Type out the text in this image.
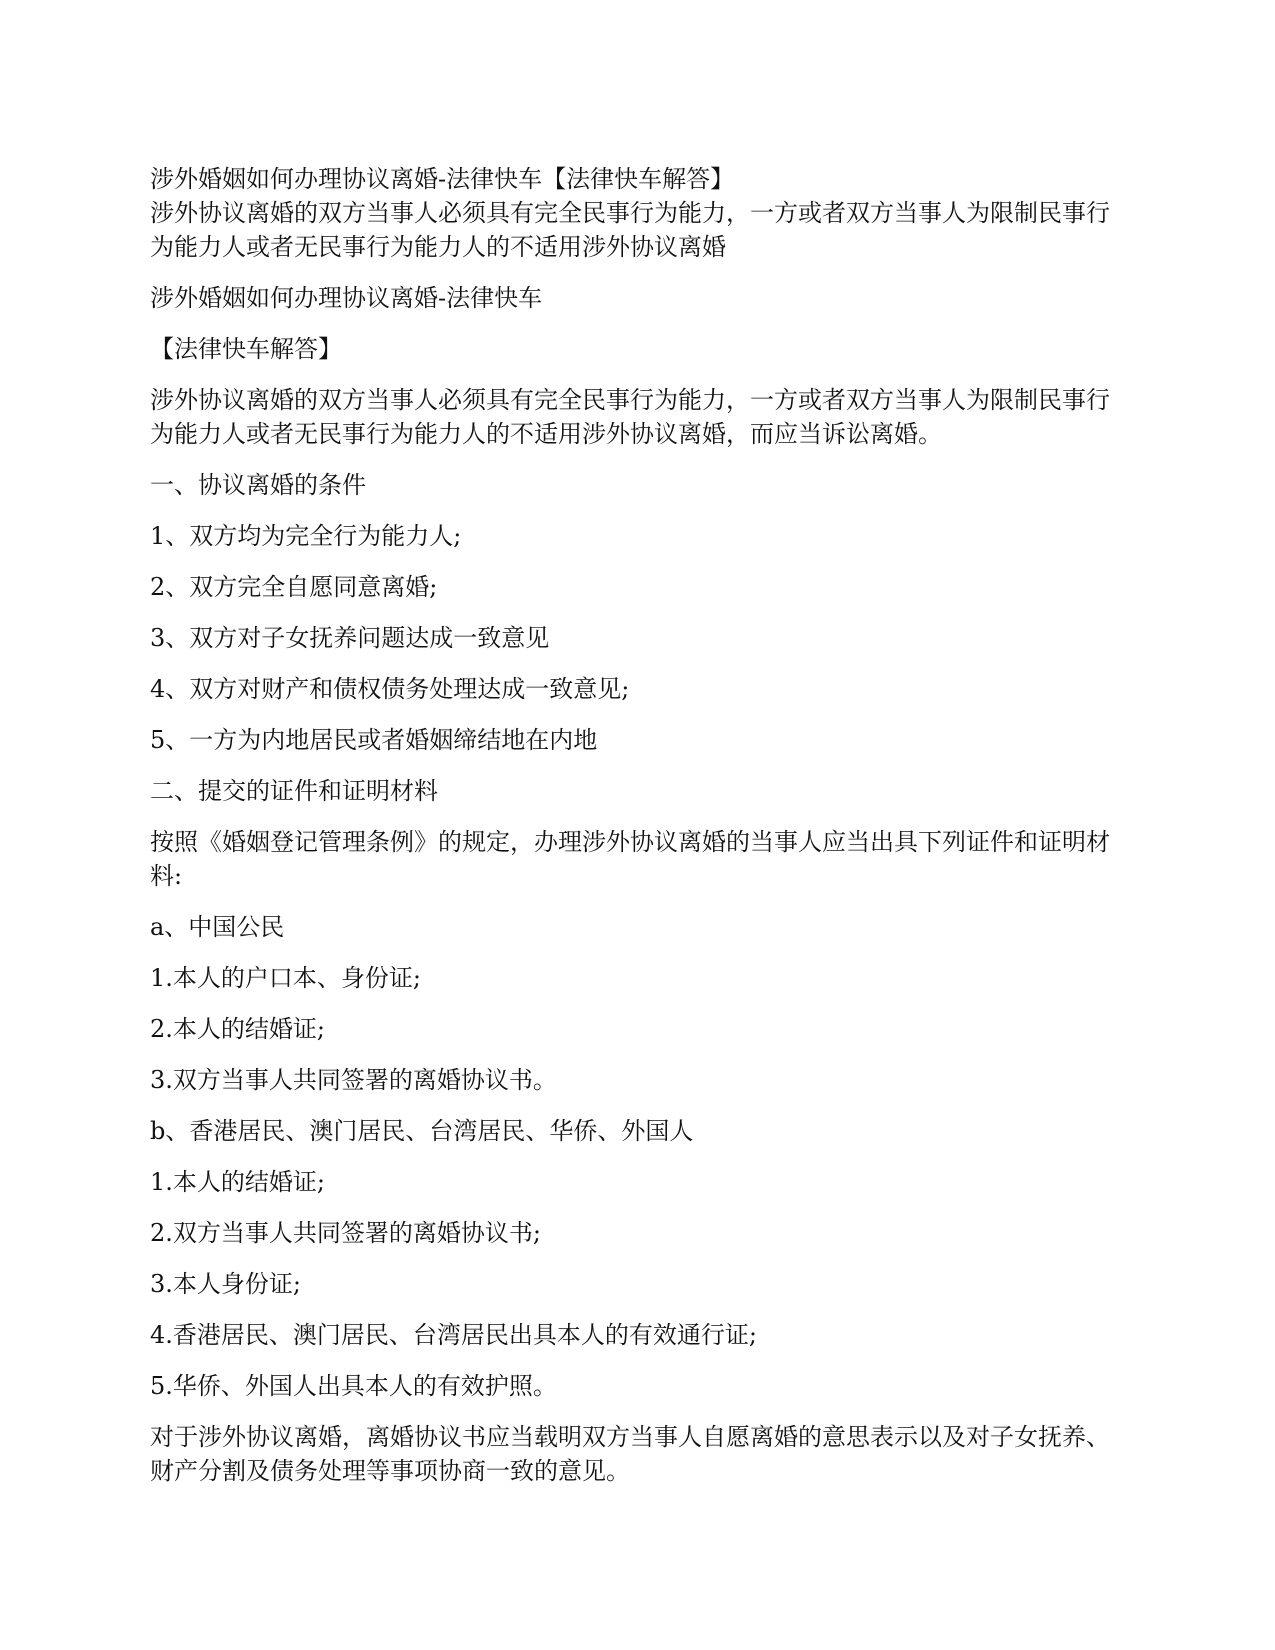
涉外婚姻如何办理协议离婚-法律快车【法律快车解答】

涉外协议离婚的双方当事人必须具有完全民事行为能力，一方或者双方当事人为限制民事行为能力人或者无民事行为能力人的不适用涉外协议离婚

涉外婚姻如何办理协议离婚-法律快车

【法律快车解答】

涉外协议离婚的双方当事人必须具有完全民事行为能力，一方或者双方当事人为限制民事行为能力人或者无民事行为能力人的不适用涉外协议离婚，而应当诉讼离婚。

一、协议离婚的条件

1、双方均为完全行为能力人;

2、双方完全自愿同意离婚;

3、双方对子女抚养问题达成一致意见

4、双方对财产和债权债务处理达成一致意见;

5、一方为内地居民或者婚姻缔结地在内地

二、提交的证件和证明材料

按照《婚姻登记管理条例》的规定，办理涉外协议离婚的当事人应当出具下列证件和证明材料:

a、中国公民

1.本人的户口本、身份证;

2.本人的结婚证;

3.双方当事人共同签署的离婚协议书。

b、香港居民、澳门居民、台湾居民、华侨、外国人

1.本人的结婚证;

2.双方当事人共同签署的离婚协议书;

3.本人身份证;

4.香港居民、澳门居民、台湾居民出具本人的有效通行证;

5.华侨、外国人出具本人的有效护照。

对于涉外协议离婚，离婚协议书应当载明双方当事人自愿离婚的意思表示以及对子女抚养、财产分割及债务处理等事项协商一致的意见。
